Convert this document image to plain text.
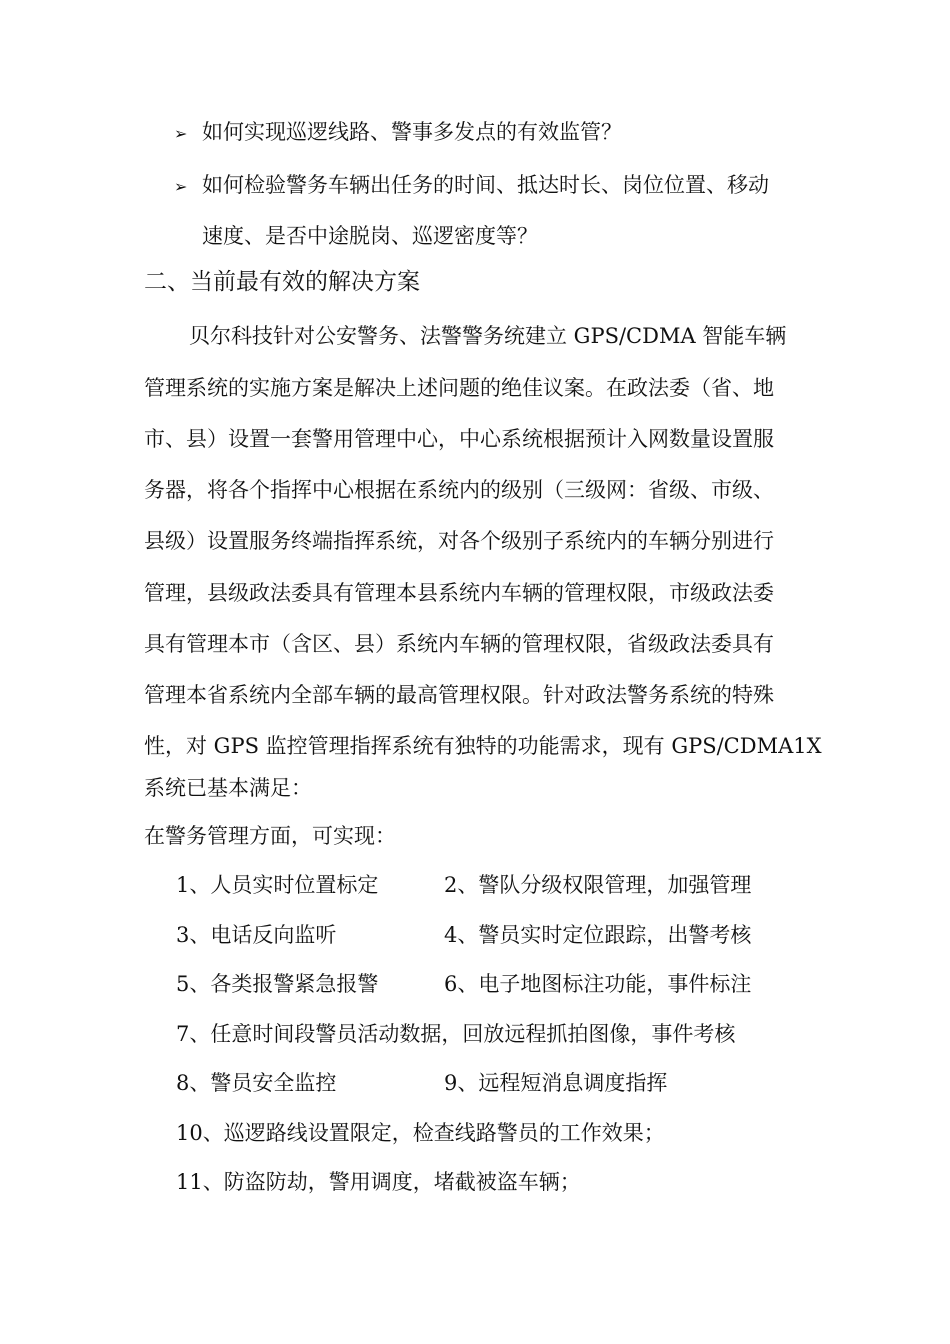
➢ 如何实现巡逻线路、警事多发点的有效监管？
➢ 如何检验警务车辆出任务的时间、抵达时长、岗位位置、移动
速度、是否中途脱岗、巡逻密度等？
二、当前最有效的解决方案
贝尔科技针对公安警务、法警警务统建立 GPS/CDMA 智能车辆
管理系统的实施方案是解决上述问题的绝佳议案。在政法委（省、地
市、县）设置一套警用管理中心，中心系统根据预计入网数量设置服
务器，将各个指挥中心根据在系统内的级别（三级网：省级、市级、
县级）设置服务终端指挥系统，对各个级别子系统内的车辆分别进行
管理，县级政法委具有管理本县系统内车辆的管理权限，市级政法委
具有管理本市（含区、县）系统内车辆的管理权限，省级政法委具有
管理本省系统内全部车辆的最高管理权限。针对政法警务系统的特殊
性，对 GPS 监控管理指挥系统有独特的功能需求，现有 GPS/CDMA1X
系统已基本满足：
在警务管理方面，可实现：
1、人员实时位置标定	2、警队分级权限管理，加强管理
3、电话反向监听	4、警员实时定位跟踪，出警考核
5、各类报警紧急报警	6、电子地图标注功能，事件标注
7、任意时间段警员活动数据，回放远程抓拍图像，事件考核
8、警员安全监控	9、远程短消息调度指挥
10、巡逻路线设置限定，检查线路警员的工作效果；
11、防盗防劫，警用调度，堵截被盗车辆；
